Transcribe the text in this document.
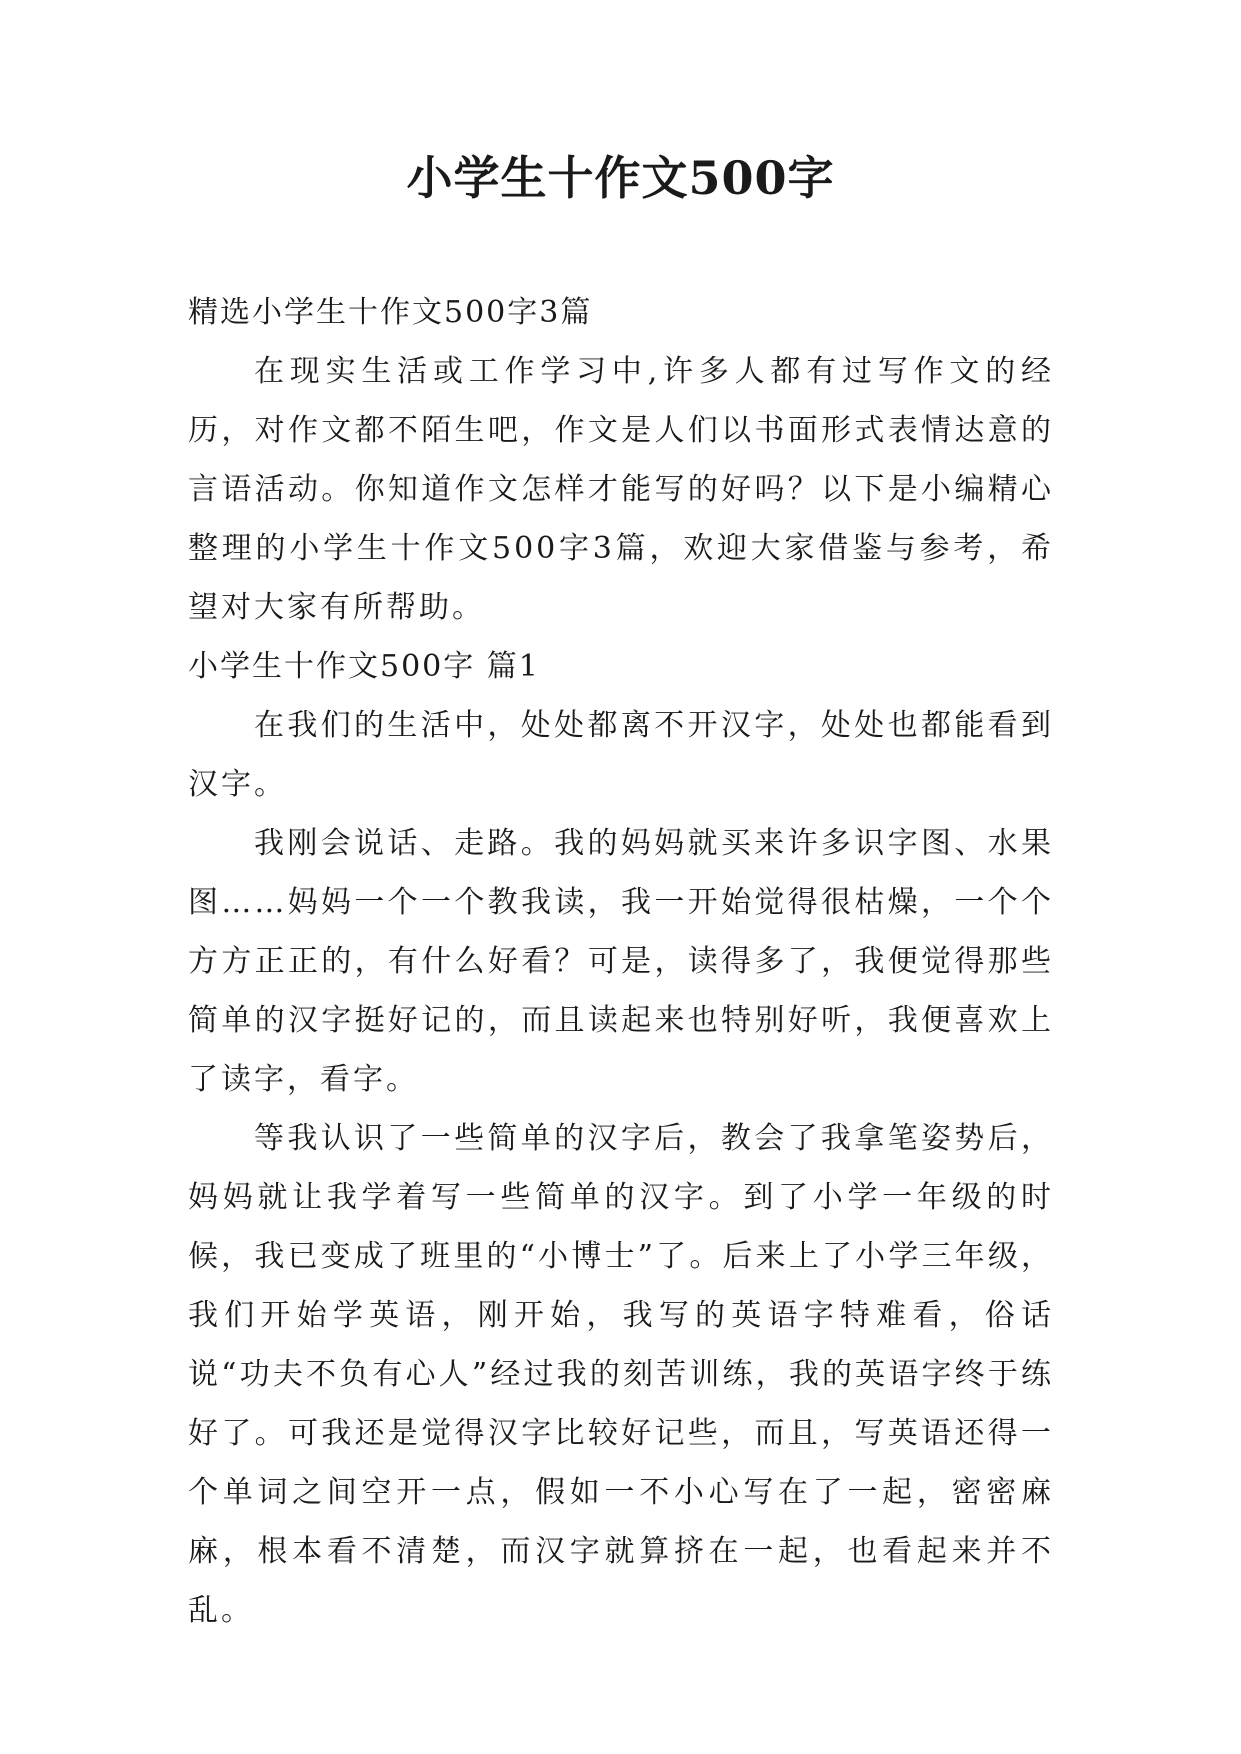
小学生十作文500字

精选小学生十作文500字3篇

在现实生活或工作学习中,许多人都有过写作文的经历，对作文都不陌生吧，作文是人们以书面形式表情达意的言语活动。你知道作文怎样才能写的好吗？以下是小编精心整理的小学生十作文500字3篇，欢迎大家借鉴与参考，希望对大家有所帮助。

小学生十作文500字 篇1

在我们的生活中，处处都离不开汉字，处处也都能看到汉字。

我刚会说话、走路。我的妈妈就买来许多识字图、水果图……妈妈一个一个教我读，我一开始觉得很枯燥，一个个方方正正的，有什么好看？可是，读得多了，我便觉得那些简单的汉字挺好记的，而且读起来也特别好听，我便喜欢上了读字，看字。

等我认识了一些简单的汉字后，教会了我拿笔姿势后，妈妈就让我学着写一些简单的汉字。到了小学一年级的时候，我已变成了班里的“小博士”了。后来上了小学三年级，我们开始学英语，刚开始，我写的英语字特难看，俗话说“功夫不负有心人”经过我的刻苦训练，我的英语字终于练好了。可我还是觉得汉字比较好记些，而且，写英语还得一个单词之间空开一点，假如一不小心写在了一起，密密麻麻，根本看不清楚，而汉字就算挤在一起，也看起来并不乱。
